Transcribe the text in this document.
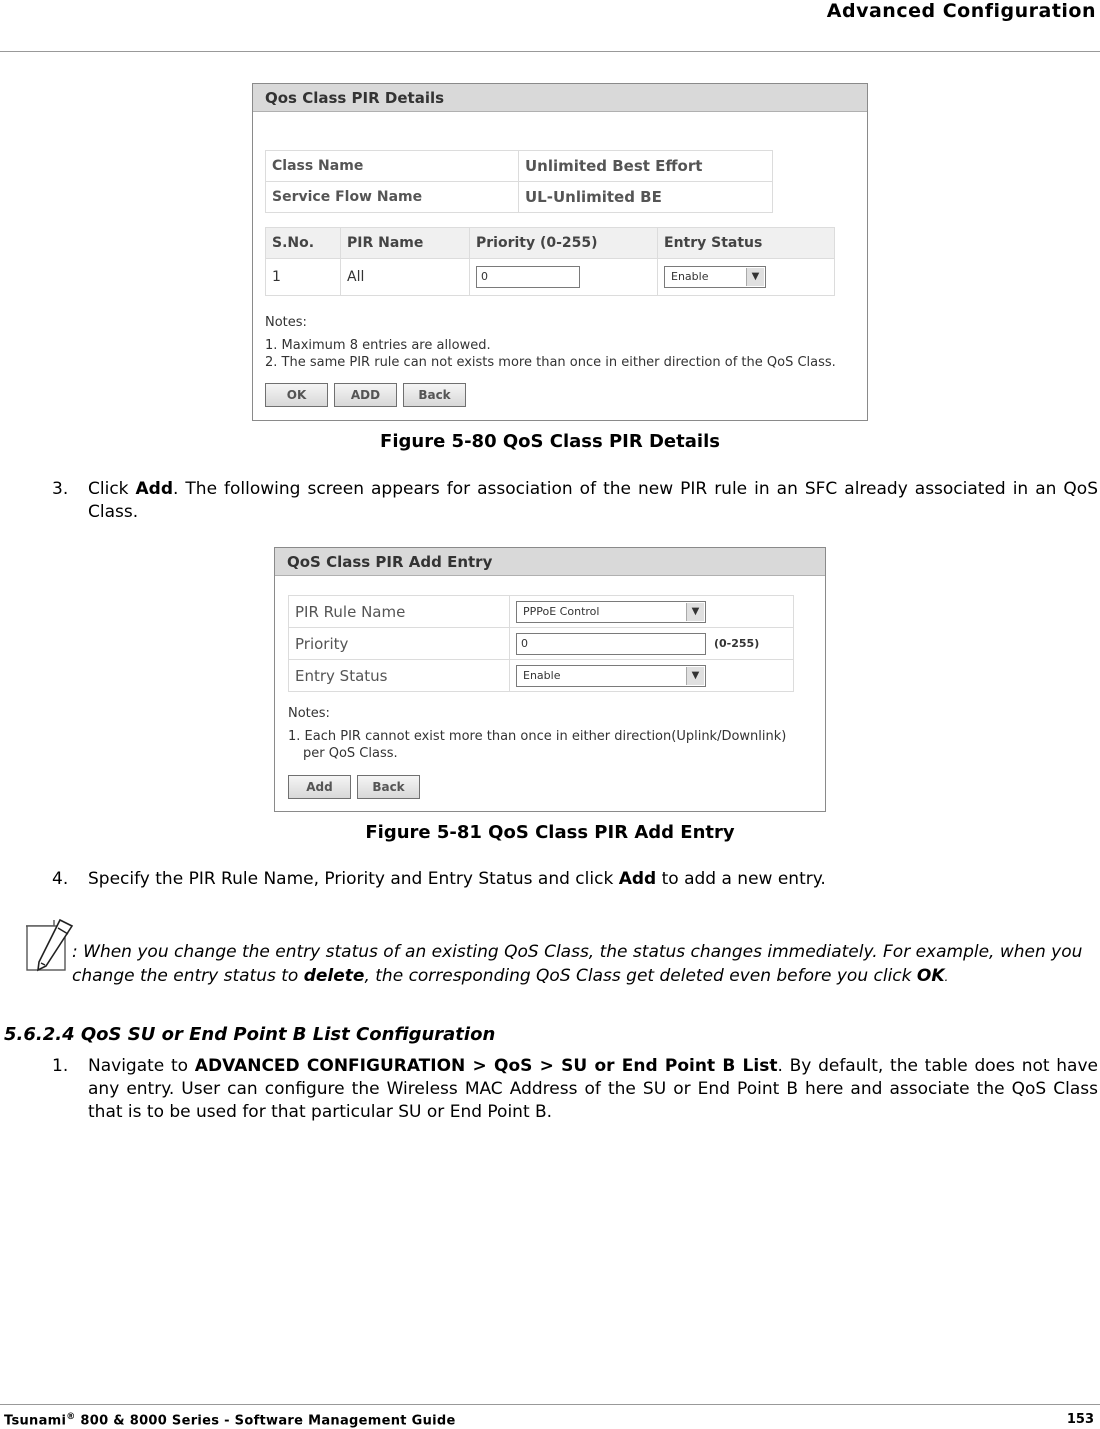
Advanced Configuration
Qos Class PIR Details
Class Name	Unlimited Best Effort
Service Flow Name	UL-Unlimited BE
S.No.	PIR Name	Priority (0-255)	Entry Status
1	All	0	Enable ▼
Notes:
1. Maximum 8 entries are allowed.
2. The same PIR rule can not exists more than once in either direction of the QoS Class.
OK	ADD	Back
Figure 5-80 QoS Class PIR Details
3. Click Add. The following screen appears for association of the new PIR rule in an SFC already associated in an QoS Class.
QoS Class PIR Add Entry
PIR Rule Name	PPPoE Control ▼

Priority	0 (0-255)

Entry Status	Enable ▼
Notes:
1. Each PIR cannot exist more than once in either direction(Uplink/Downlink)
per QoS Class.
Add	Back
Figure 5-81 QoS Class PIR Add Entry
4. Specify the PIR Rule Name, Priority and Entry Status and click Add to add a new entry.
: When you change the entry status of an existing QoS Class, the status changes immediately. For example, when you change the entry status to delete, the corresponding QoS Class get deleted even before you click OK.
5.6.2.4 QoS SU or End Point B List Configuration
1. Navigate to ADVANCED CONFIGURATION > QoS > SU or End Point B List. By default, the table does not have any entry. User can configure the Wireless MAC Address of the SU or End Point B here and associate the QoS Class that is to be used for that particular SU or End Point B.
Tsunami® 800 & 8000 Series - Software Management Guide	153
